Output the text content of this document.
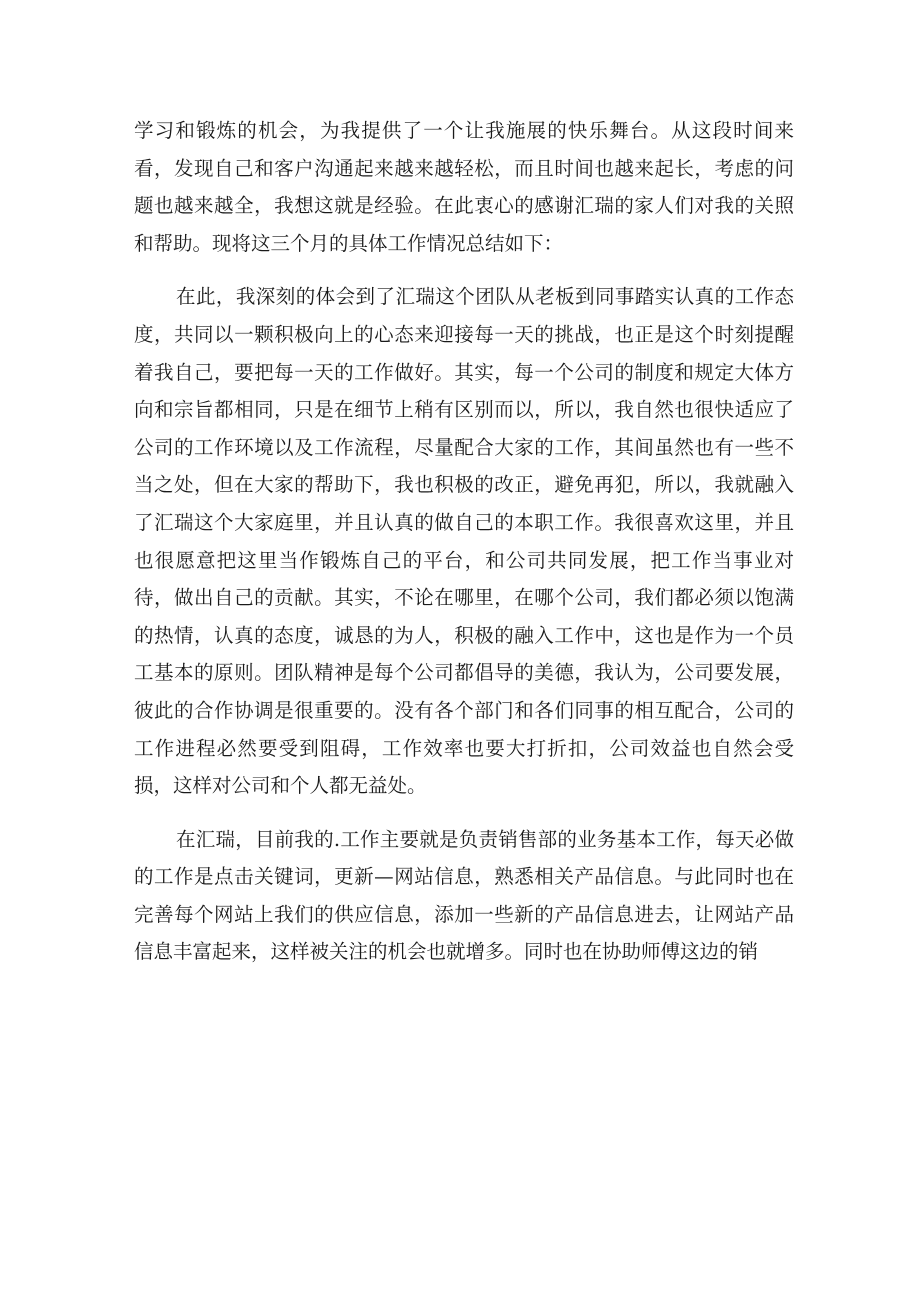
学习和锻炼的机会，为我提供了一个让我施展的快乐舞台。从这段时间来看，发现自己和客户沟通起来越来越轻松，而且时间也越来起长，考虑的问题也越来越全，我想这就是经验。在此衷心的感谢汇瑞的家人们对我的关照和帮助。现将这三个月的具体工作情况总结如下：

在此，我深刻的体会到了汇瑞这个团队从老板到同事踏实认真的工作态度，共同以一颗积极向上的心态来迎接每一天的挑战，也正是这个时刻提醒着我自己，要把每一天的工作做好。其实，每一个公司的制度和规定大体方向和宗旨都相同，只是在细节上稍有区别而以，所以，我自然也很快适应了公司的工作环境以及工作流程，尽量配合大家的工作，其间虽然也有一些不当之处，但在大家的帮助下，我也积极的改正，避免再犯，所以，我就融入了汇瑞这个大家庭里，并且认真的做自己的本职工作。我很喜欢这里，并且也很愿意把这里当作锻炼自己的平台，和公司共同发展，把工作当事业对待，做出自己的贡献。其实，不论在哪里，在哪个公司，我们都必须以饱满的热情，认真的态度，诚恳的为人，积极的融入工作中，这也是作为一个员工基本的原则。团队精神是每个公司都倡导的美德，我认为，公司要发展，彼此的合作协调是很重要的。没有各个部门和各们同事的相互配合，公司的工作进程必然要受到阻碍，工作效率也要大打折扣，公司效益也自然会受损，这样对公司和个人都无益处。

在汇瑞，目前我的.工作主要就是负责销售部的业务基本工作，每天必做的工作是点击关键词，更新—网站信息，熟悉相关产品信息。与此同时也在完善每个网站上我们的供应信息，添加一些新的产品信息进去，让网站产品信息丰富起来，这样被关注的机会也就增多。同时也在协助师傅这边的销
